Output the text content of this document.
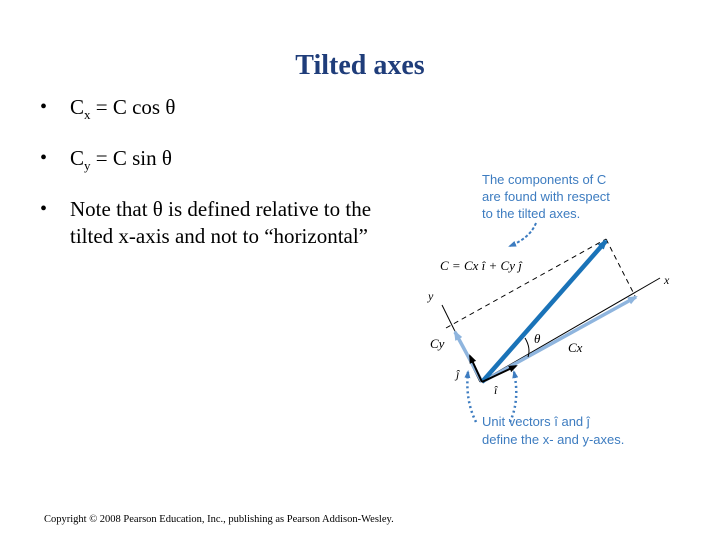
Tilted axes
• $C_x = C$ cos θ
• $C_y = C$ sin θ
• Note that θ is defined relative to the tilted x-axis and not to “horizontal”
The components of C
are found with respect
to the tilted axes.
C = Cx î + Cy ĵ
x
y
θ
Cx
Cy
î
ĵ
Unit vectors î and ĵ
define the x- and y-axes.
Copyright © 2008 Pearson Education, Inc., publishing as Pearson Addison-Wesley.
